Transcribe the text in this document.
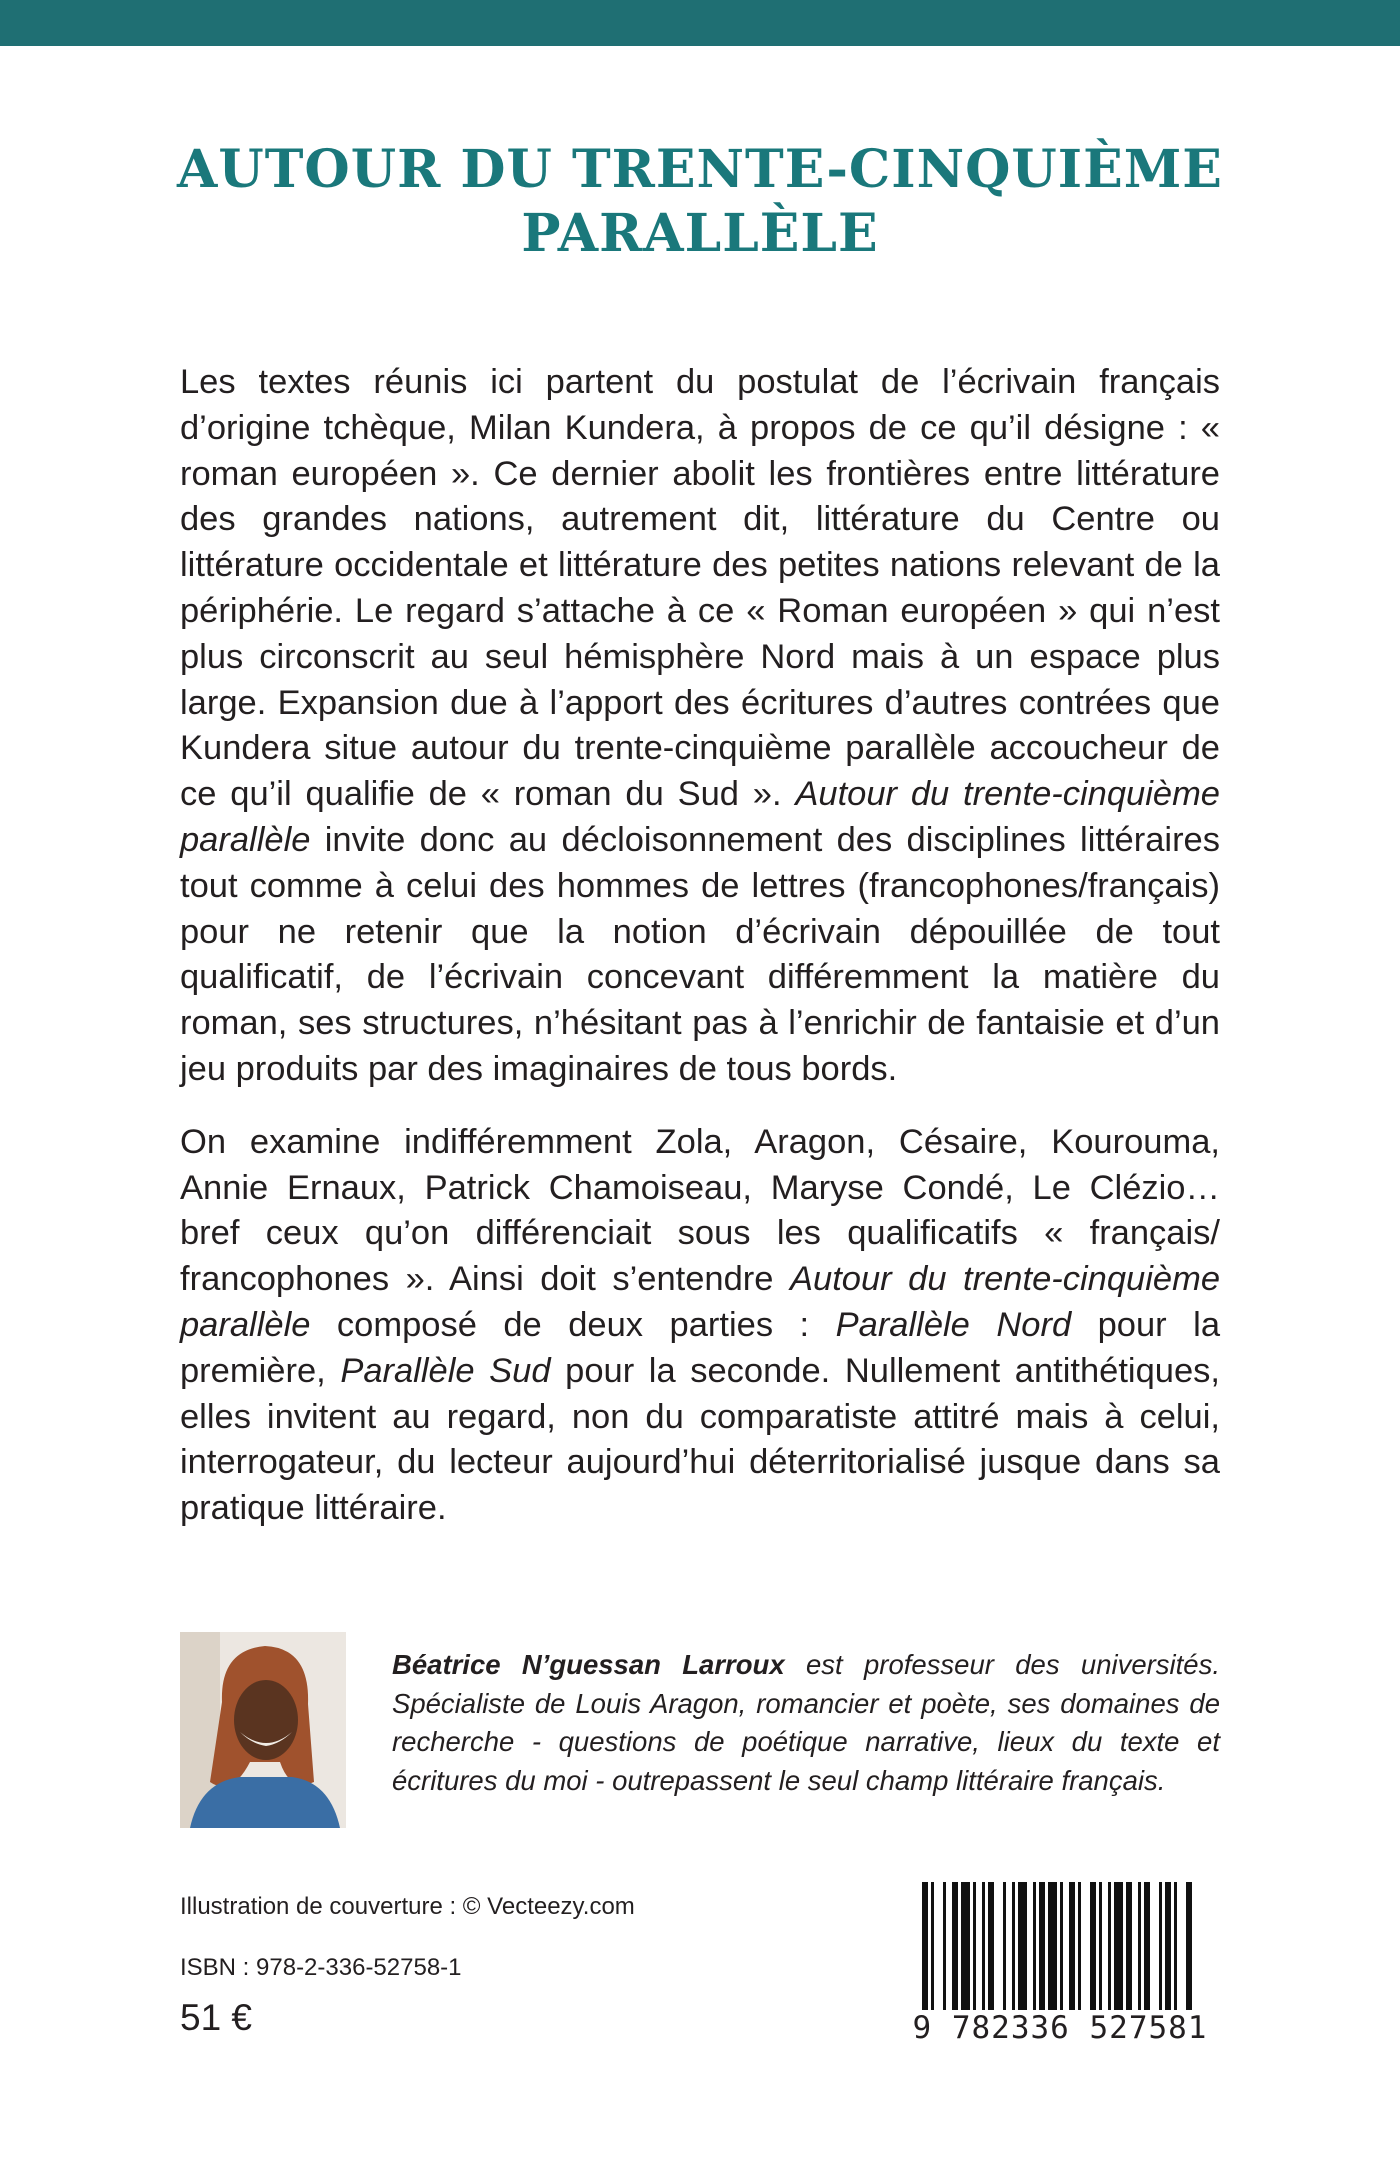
AUTOUR DU TRENTE-CINQUIÈME
PARALLÈLE

Les textes réunis ici partent du postulat de l’écrivain français d’origine tchèque, Milan Kundera, à propos de ce qu’il désigne : « roman européen ». Ce dernier abolit les frontières entre littérature des grandes nations, autrement dit, littérature du Centre ou littérature occidentale et littérature des petites nations relevant de la périphérie. Le regard s’attache à ce « Roman européen » qui n’est plus circonscrit au seul hémisphère Nord mais à un espace plus large. Expansion due à l’apport des écritures d’autres contrées que Kundera situe autour du trente-cinquième parallèle accoucheur de ce qu’il qualifie de « roman du Sud ». Autour du trente-cinquième parallèle invite donc au décloisonnement des disciplines littéraires tout comme à celui des hommes de lettres (francophones/français) pour ne retenir que la notion d’écrivain dépouillée de tout qualificatif, de l’écrivain concevant différemment la matière du roman, ses structures, n’hésitant pas à l’enrichir de fantaisie et d’un jeu produits par des imaginaires de tous bords.

On examine indifféremment Zola, Aragon, Césaire, Kourouma, Annie Ernaux, Patrick Chamoiseau, Maryse Condé, Le Clézio… bref ceux qu’on différenciait sous les qualificatifs « français/ francophones ». Ainsi doit s’entendre Autour du trente-cinquième parallèle composé de deux parties : Parallèle Nord pour la première, Parallèle Sud pour la seconde. Nullement antithétiques, elles invitent au regard, non du comparatiste attitré mais à celui, interrogateur, du lecteur aujourd’hui déterritorialisé jusque dans sa pratique littéraire.

Béatrice N’guessan Larroux est professeur des universités. Spécialiste de Louis Aragon, romancier et poète, ses domaines de recherche - questions de poétique narrative, lieux du texte et écritures du moi - outrepassent le seul champ littéraire français.
Illustration de couverture : © Vecteezy.com
ISBN : 978-2-336-52758-1
51 €	9 782336 527581
